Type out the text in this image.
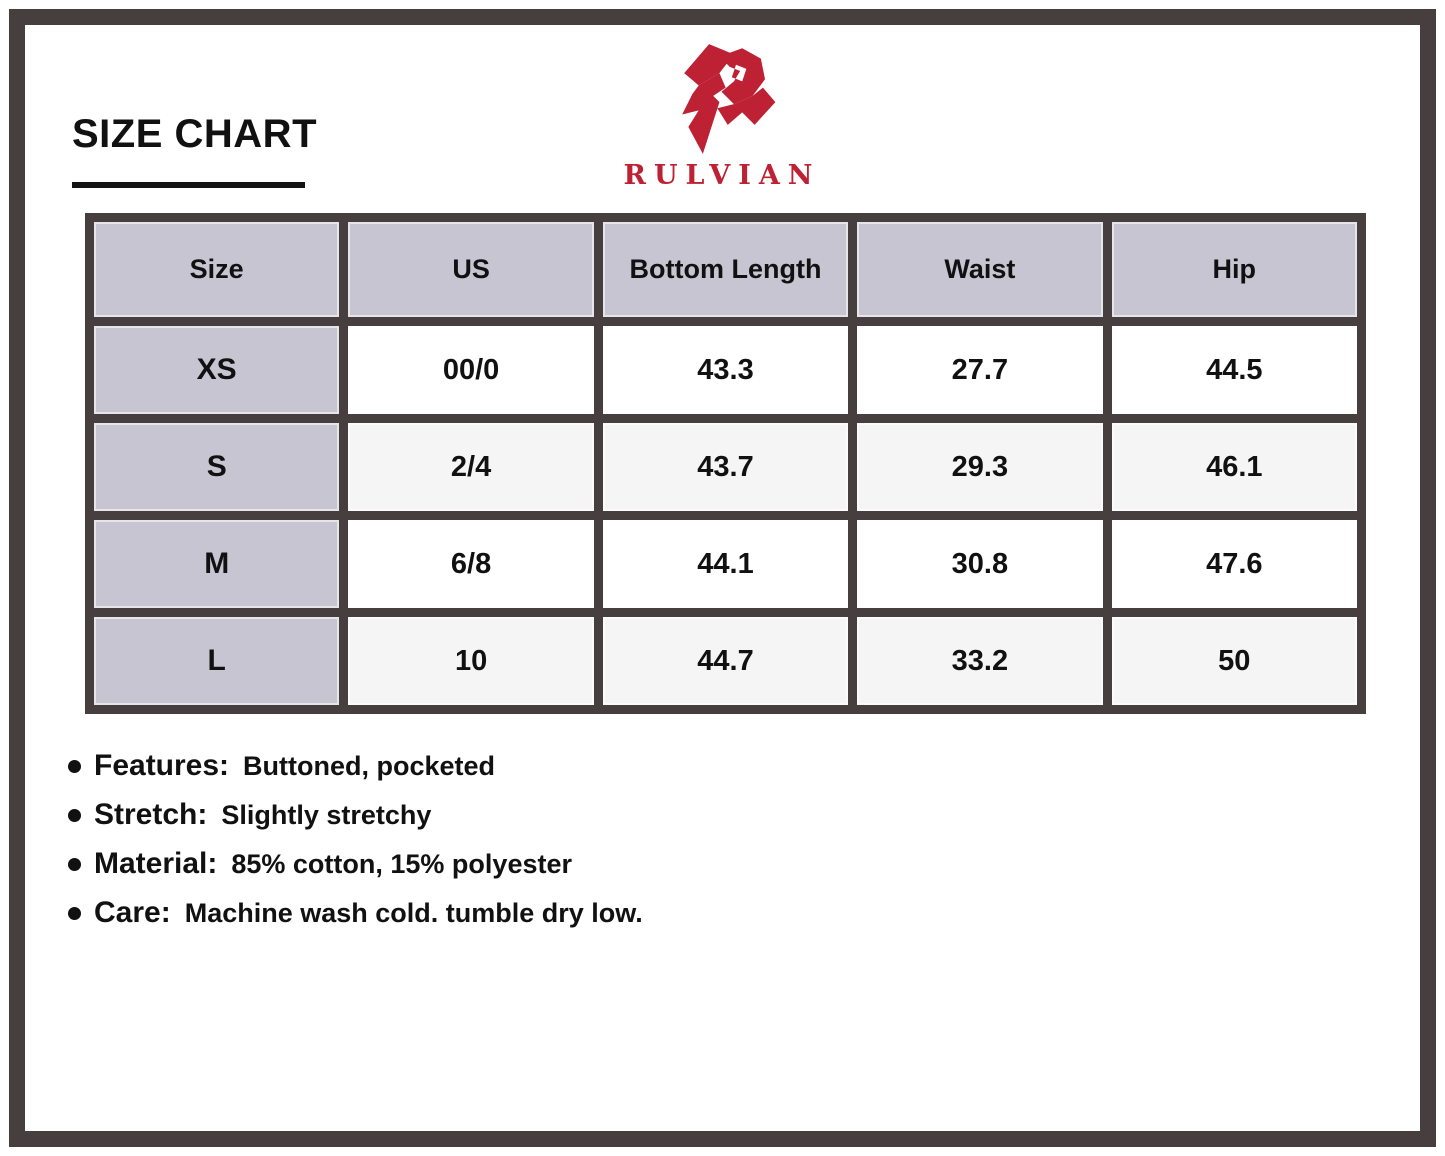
SIZE CHART
RULVIAN
Size	US	Bottom Length	Waist	Hip
XS	00/0	43.3	27.7	44.5
S	2/4	43.7	29.3	46.1
M	6/8	44.1	30.8	47.6
L	10	44.7	33.2	50
Features: Buttoned, pocketed
Stretch: Slightly stretchy
Material: 85% cotton, 15% polyester
Care: Machine wash cold. tumble dry low.
